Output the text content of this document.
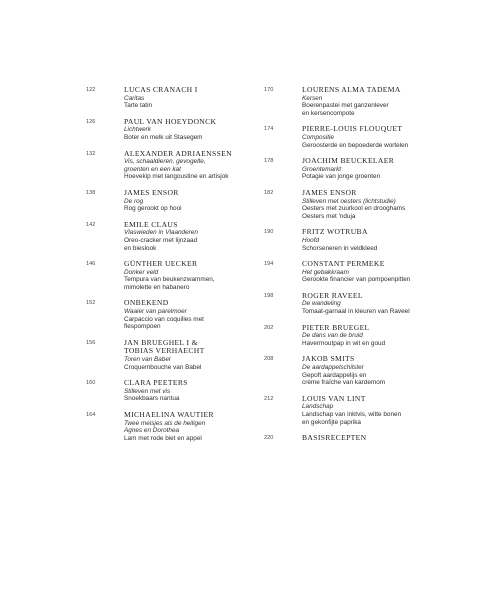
122	LUCAS CRANACH I
Caritas
Tarte tatin
126	PAUL VAN HOEYDONCK
Lichtwerk
Boter en melk uit Stasegem
132	ALEXANDER ADRIAENSSEN
Vis, schaaldieren, gevogelte,
groenten en een kat
Hoevekip met langoustine en artisjok
138	JAMES ENSOR
De rog
Rog gerookt op hooi
142	EMILE CLAUS
Vlaswieden in Vlaanderen
Oreo-cracker met lijnzaad
en bieslook
146	GÜNTHER UECKER
Donker veld
Tempura van beukenzwammen,
mimolette en habanero
152	ONBEKEND
Waaier van parelmoer
Carpaccio van coquilles met
flespompoen
156	JAN BRUEGHEL I &
TOBIAS VERHAECHT
Toren van Babel
Croquembouche van Babel
160	CLARA PEETERS
Stilleven met vis
Snoekbaars nantua
164	MICHAELINA WAUTIER
Twee meisjes als de heiligen
Agnes en Dorothea
Lam met rode biet en appel
170	LOURENS ALMA TADEMA
Kersen
Boerenpastei met ganzenlever
en kersencompote
174	PIERRE-LOUIS FLOUQUET
Compositie
Geroosterde en bepoederde wortelen
178	JOACHIM BEUCKELAER
Groentemarkt
Potagie van jonge groenten
182	JAMES ENSOR
Stilleven met oesters (lichtstudie)
Oesters met zuurkool en drooghams
Oesters met 'nduja
190	FRITZ WOTRUBA
Hoofd
Schorseneren in veldkleed
194	CONSTANT PERMEKE
Het gebakkraam
Gerookte financier van pompoenpitten
198	ROGER RAVEEL
De wandeling
Tomaat-garnaal in kleuren van Raveel
202	PIETER BRUEGEL
De dans van de bruid
Havermoutpap in wit en goud
208	JAKOB SMITS
De aardappelschilster
Gepoft aardappelijs en
crème fraîche van kardemom
212	LOUIS VAN LINT
Landschap
Landschap van inktvis, witte bonen
en gekonfijte paprika
220	BASISRECEPTEN
